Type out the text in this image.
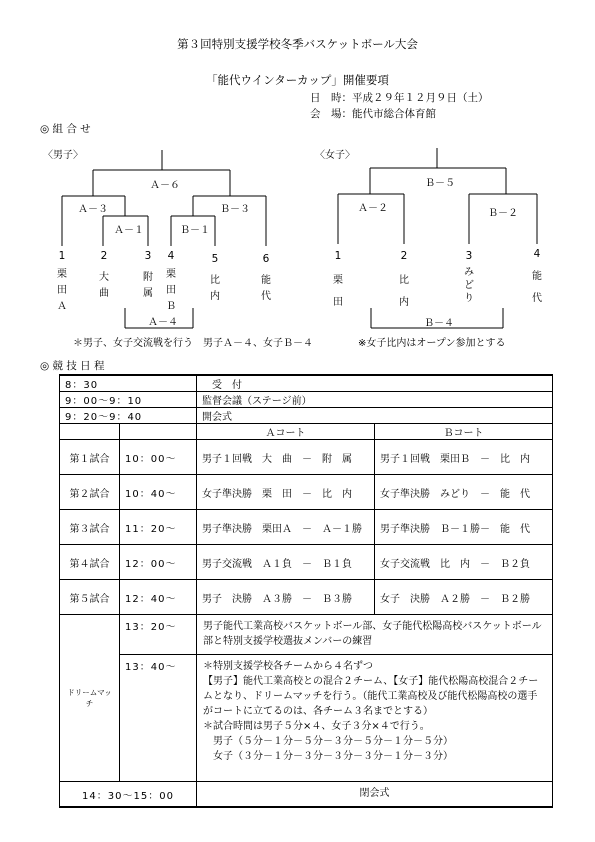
第３回特別支援学校冬季バスケットボール大会
「能代ウインターカップ」開催要項
日　時：平成２９年１２月９日（土）
会　場：能代市総合体育館
◎ 組 合 せ
〈男子〉
Ａ－６
Ａ－３
Ａ－１
Ｂ－３
Ｂ－１
Ａ－４
1	2	3	4	5	6
栗田Ａ
大曲
附属
栗田Ｂ
比内
能代
〈女子〉
Ｂ－５
Ａ－２	Ｂ－２
Ｂ－４
1	2	3	4
栗田
比内
みどり
能代
＊男子、女子交流戦を行う　男子Ａ－４、女子Ｂ－４	※女子比内はオープン参加とする
◎ 競 技 日 程
8：30		受　付	
9：00～9：10		監督会議（ステージ前）	
9：20～9：40		開会式	
		Ａコート	Ｂコート
第１試合	10：00～	男子１回戦　大　曲　－　附　属	男子１回戦　栗田Ｂ　－　比　内
第２試合	10：40～	女子準決勝　栗　田　－　比　内	女子準決勝　みどり　－　能　代
第３試合	11：20～	男子準決勝　栗田Ａ　－　Ａ－１勝	男子準決勝　Ｂ－１勝－　能　代
第４試合	12：00～	男子交流戦　Ａ１負　－　Ｂ１負	女子交流戦　比　内　－　Ｂ２負
第５試合	12：40～	男子　決勝　Ａ３勝　－　Ｂ３勝	女子　決勝　Ａ２勝　－　Ｂ２勝
ドリームマッチ	13：20～	男子能代工業高校バスケットボール部、女子能代松陽高校バスケットボール部と特別支援学校選抜メンバーの練習	
	13：40～	＊特別支援学校各チームから４名ずつ
【男子】能代工業高校との混合２チーム、【女子】能代松陽高校混合２チームとなり、ドリームマッチを行う。（能代工業高校及び能代松陽高校の選手がコートに立てるのは、各チーム３名までとする）
＊試合時間は男子５分×４、女子３分×４で行う。
　男子（５分－１分－５分－３分－５分－１分－５分）
　女子（３分－１分－３分－３分－３分－１分－３分）	

14：30～15：00		閉会式	
